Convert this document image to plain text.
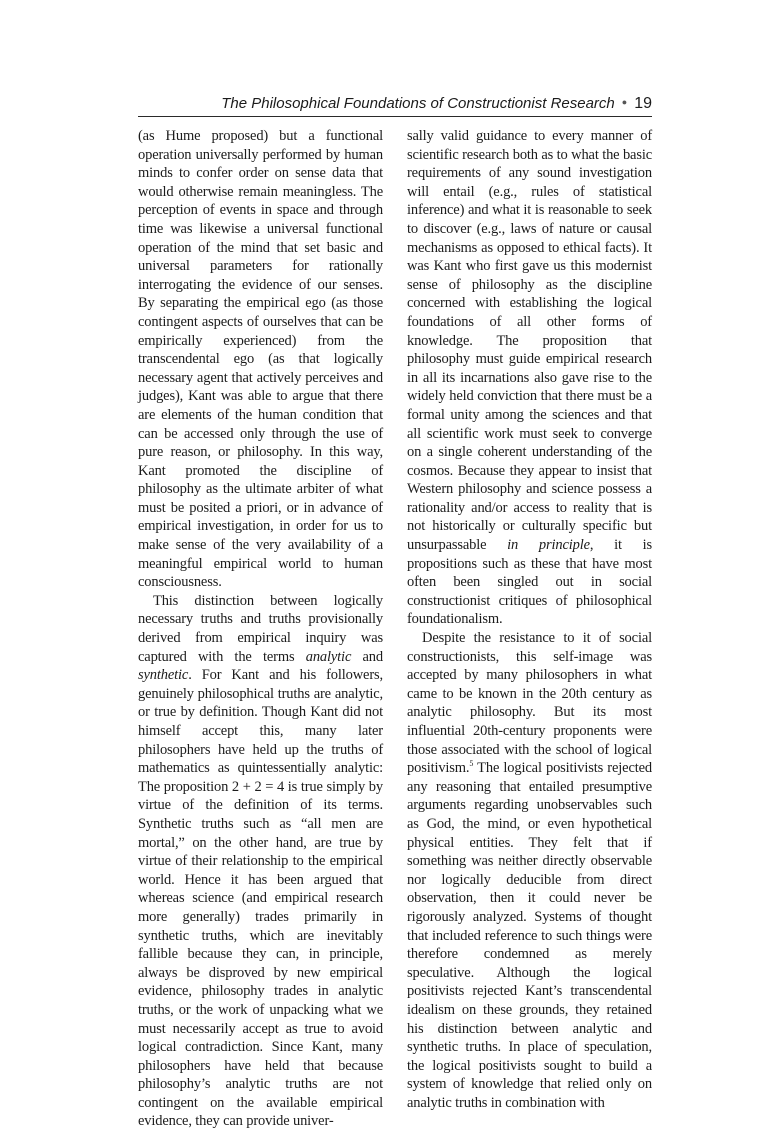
The Philosophical Foundations of Constructionist Research ● 19

(as Hume proposed) but a functional operation universally performed by human minds to confer order on sense data that would otherwise remain meaningless. The perception of events in space and through time was likewise a universal functional operation of the mind that set basic and universal parameters for rationally interrogating the evidence of our senses. By separating the empirical ego (as those contingent aspects of ourselves that can be empirically experienced) from the transcendental ego (as that logically necessary agent that actively perceives and judges), Kant was able to argue that there are elements of the human condition that can be accessed only through the use of pure reason, or philosophy. In this way, Kant promoted the discipline of philosophy as the ultimate arbiter of what must be posited a priori, or in advance of empirical investigation, in order for us to make sense of the very availability of a meaningful empirical world to human consciousness.

This distinction between logically necessary truths and truths provisionally derived from empirical inquiry was captured with the terms analytic and synthetic. For Kant and his followers, genuinely philosophical truths are analytic, or true by definition. Though Kant did not himself accept this, many later philosophers have held up the truths of mathematics as quintessentially analytic: The proposition 2 + 2 = 4 is true simply by virtue of the definition of its terms. Synthetic truths such as “all men are mortal,” on the other hand, are true by virtue of their relationship to the empirical world. Hence it has been argued that whereas science (and empirical research more generally) trades primarily in synthetic truths, which are inevitably fallible because they can, in principle, always be disproved by new empirical evidence, philosophy trades in analytic truths, or the work of unpacking what we must necessarily accept as true to avoid logical contradiction. Since Kant, many philosophers have held that because philosophy’s analytic truths are not contingent on the available empirical evidence, they can provide univer-

sally valid guidance to every manner of scientific research both as to what the basic requirements of any sound investigation will entail (e.g., rules of statistical inference) and what it is reasonable to seek to discover (e.g., laws of nature or causal mechanisms as opposed to ethical facts). It was Kant who first gave us this modernist sense of philosophy as the discipline concerned with establishing the logical foundations of all other forms of knowledge. The proposition that philosophy must guide empirical research in all its incarnations also gave rise to the widely held conviction that there must be a formal unity among the sciences and that all scientific work must seek to converge on a single coherent understanding of the cosmos. Because they appear to insist that Western philosophy and science possess a rationality and/or access to reality that is not historically or culturally specific but unsurpassable in principle, it is propositions such as these that have most often been singled out in social constructionist critiques of philosophical foundationalism.

Despite the resistance to it of social constructionists, this self-image was accepted by many philosophers in what came to be known in the 20th century as analytic philosophy. But its most influential 20th-century proponents were those associated with the school of logical positivism.$^5$ The logical positivists rejected any reasoning that entailed presumptive arguments regarding unobservables such as God, the mind, or even hypothetical physical entities. They felt that if something was neither directly observable nor logically deducible from direct observation, then it could never be rigorously analyzed. Systems of thought that included reference to such things were therefore condemned as merely speculative. Although the logical positivists rejected Kant’s transcendental idealism on these grounds, they retained his distinction between analytic and synthetic truths. In place of speculation, the logical positivists sought to build a system of knowledge that relied only on analytic truths in combination with
